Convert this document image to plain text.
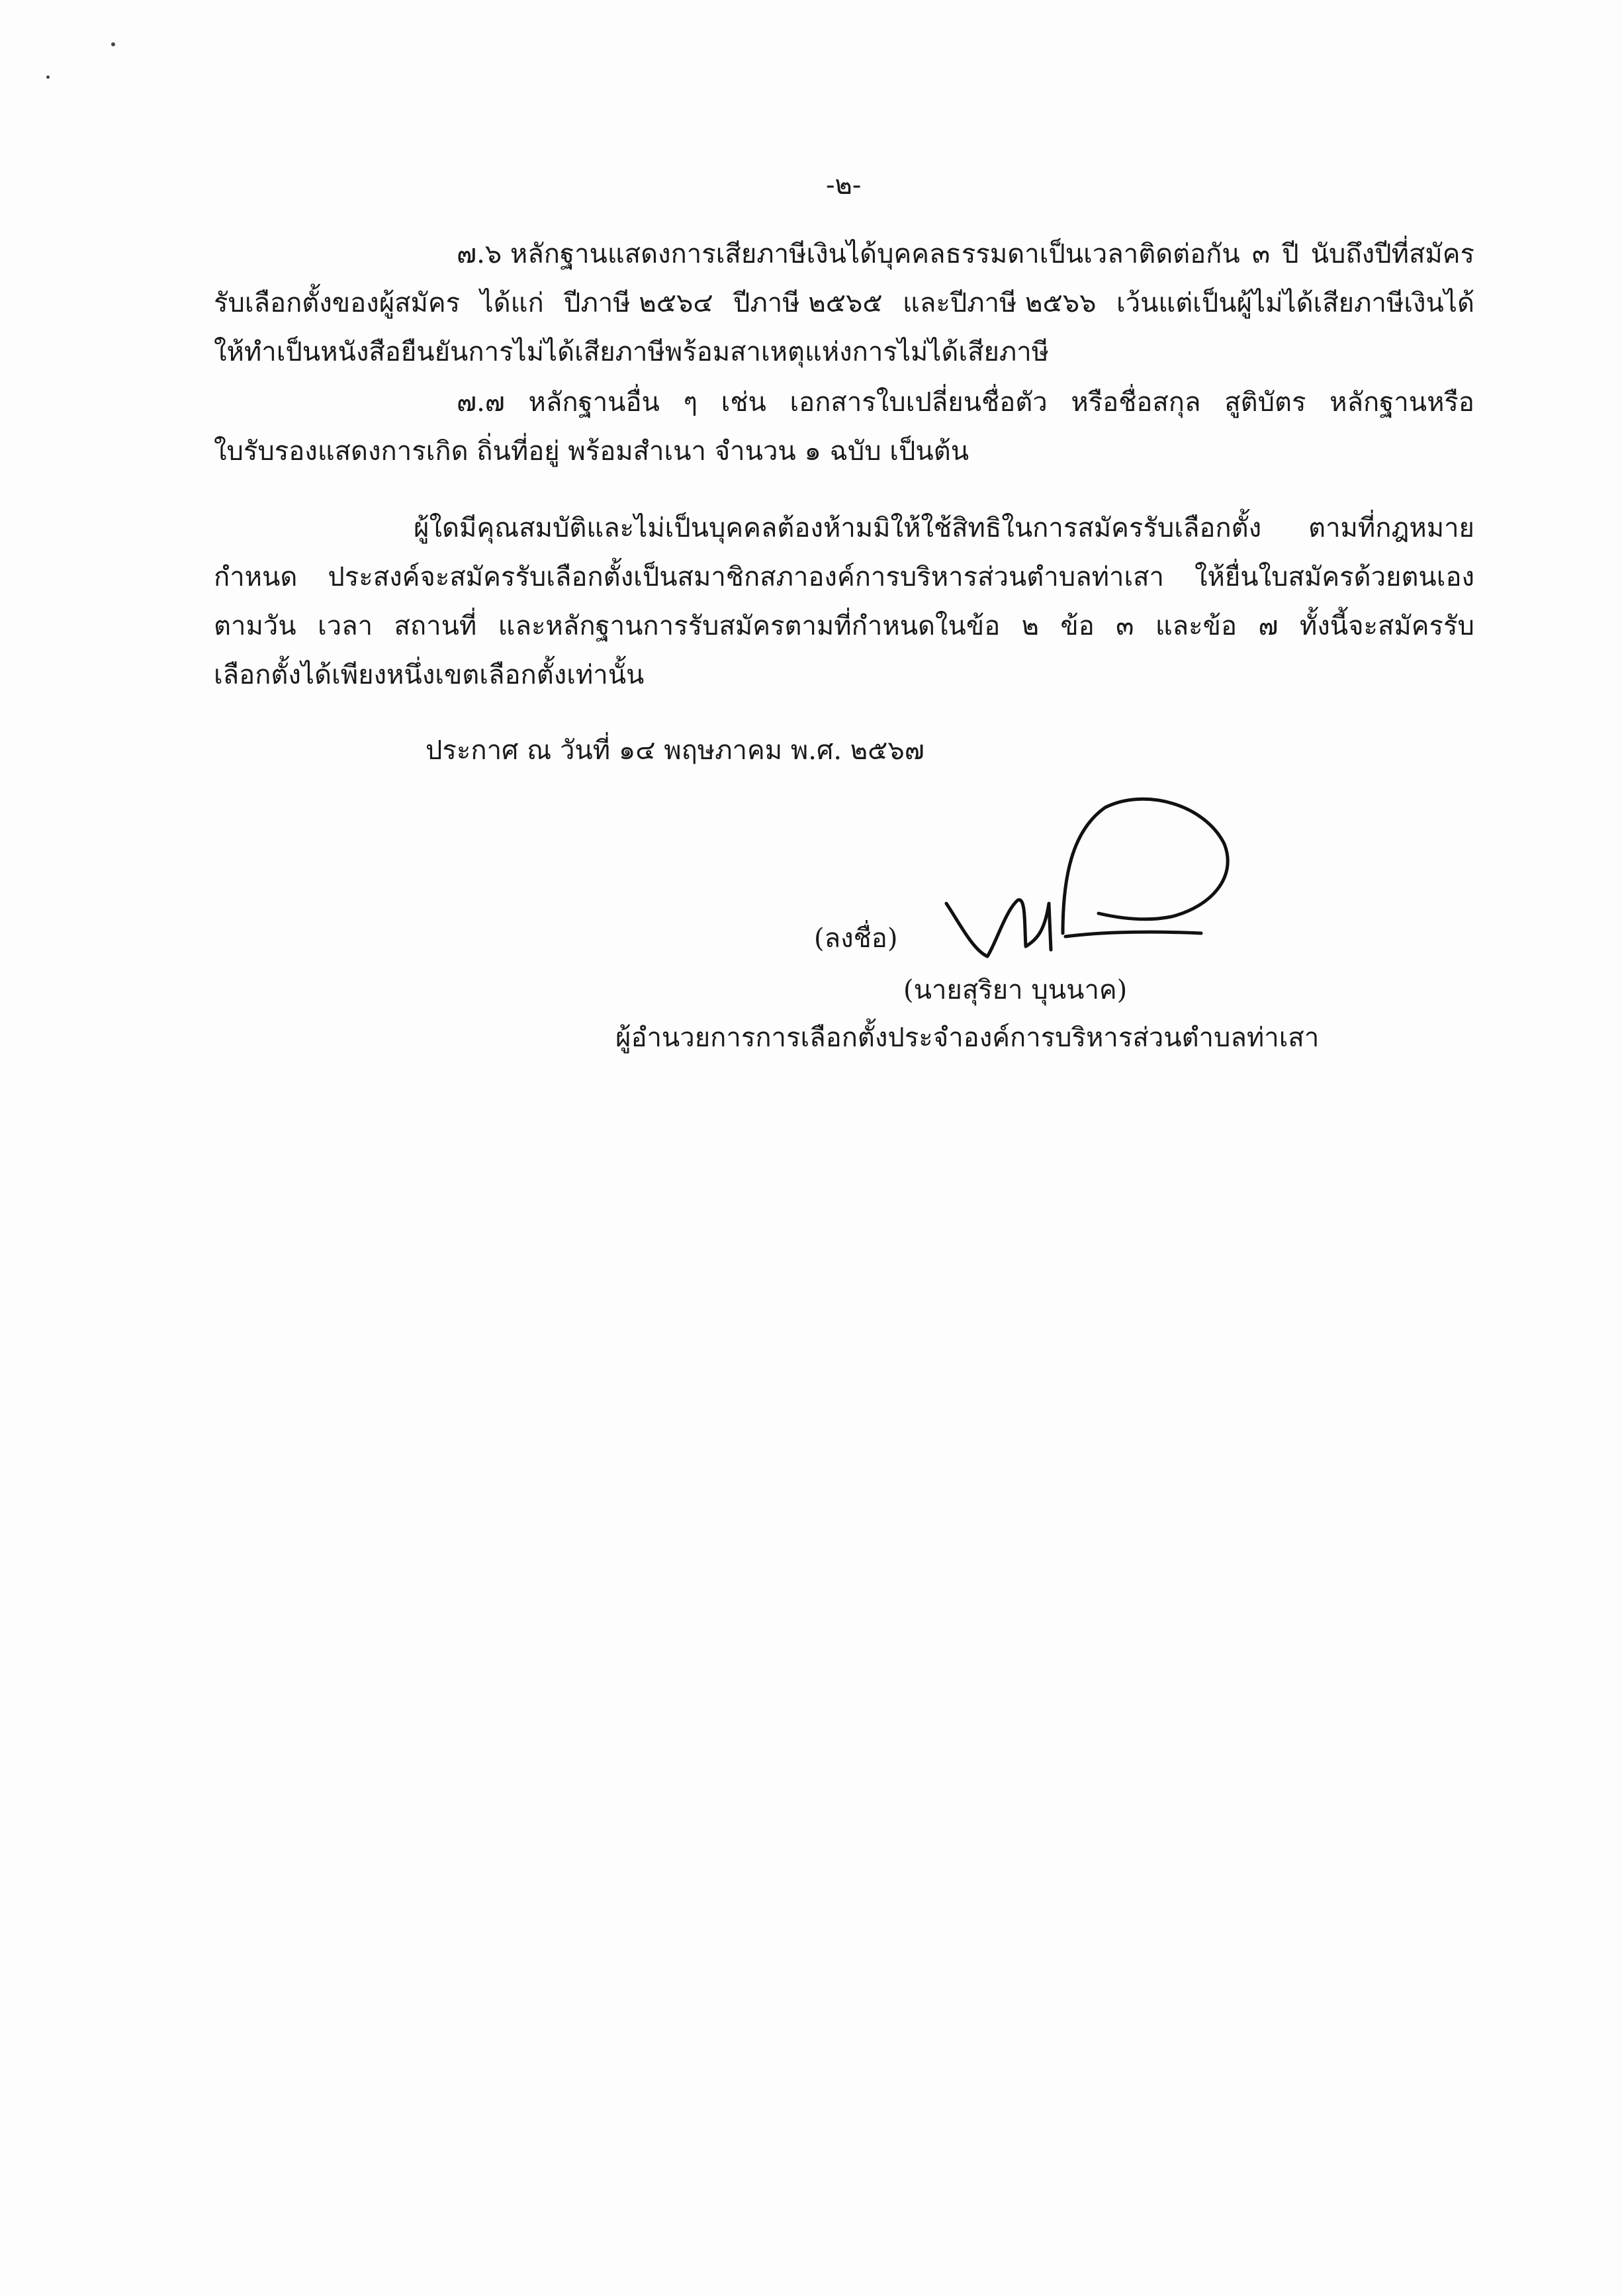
-๒-
๗.๖ หลักฐานแสดงการเสียภาษีเงินได้บุคคลธรรมดาเป็นเวลาติดต่อกัน ๓ ปี นับถึงปีที่สมัคร
รับเลือกตั้งของผู้สมัคร ได้แก่ ปีภาษี ๒๕๖๔ ปีภาษี ๒๕๖๕ และปีภาษี ๒๕๖๖ เว้นแต่เป็นผู้ไม่ได้เสียภาษีเงินได้
ให้ทำเป็นหนังสือยืนยันการไม่ได้เสียภาษีพร้อมสาเหตุแห่งการไม่ได้เสียภาษี
๗.๗ หลักฐานอื่น ๆ เช่น เอกสารใบเปลี่ยนชื่อตัว หรือชื่อสกุล สูติบัตร หลักฐานหรือ
ใบรับรองแสดงการเกิด ถิ่นที่อยู่ พร้อมสำเนา จำนวน ๑ ฉบับ เป็นต้น
ผู้ใดมีคุณสมบัติและไม่เป็นบุคคลต้องห้ามมิให้ใช้สิทธิในการสมัครรับเลือกตั้ง ตามที่กฎหมาย
กำหนด ประสงค์จะสมัครรับเลือกตั้งเป็นสมาชิกสภาองค์การบริหารส่วนตำบลท่าเสา ให้ยื่นใบสมัครด้วยตนเอง
ตามวัน เวลา สถานที่ และหลักฐานการรับสมัครตามที่กำหนดในข้อ ๒ ข้อ ๓ และข้อ ๗ ทั้งนี้จะสมัครรับ
เลือกตั้งได้เพียงหนึ่งเขตเลือกตั้งเท่านั้น
ประกาศ ณ วันที่ ๑๔ พฤษภาคม พ.ศ. ๒๕๖๗
(ลงชื่อ)
(นายสุริยา บุนนาค)
ผู้อำนวยการการเลือกตั้งประจำองค์การบริหารส่วนตำบลท่าเสา
